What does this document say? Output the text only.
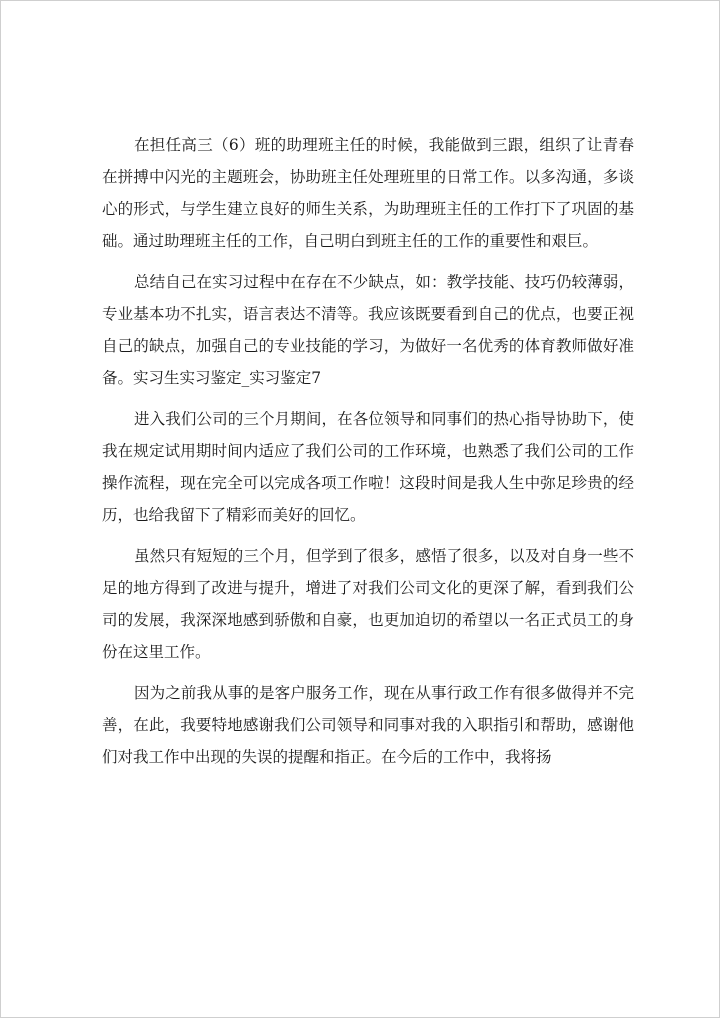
在担任高三（6）班的助理班主任的时候，我能做到三跟，组织了让青春在拼搏中闪光的主题班会，协助班主任处理班里的日常工作。以多沟通，多谈心的形式，与学生建立良好的师生关系，为助理班主任的工作打下了巩固的基础。通过助理班主任的工作，自己明白到班主任的工作的重要性和艰巨。

总结自己在实习过程中在存在不少缺点，如：教学技能、技巧仍较薄弱，专业基本功不扎实，语言表达不清等。我应该既要看到自己的优点，也要正视自己的缺点，加强自己的专业技能的学习，为做好一名优秀的体育教师做好准备。实习生实习鉴定_实习鉴定7

进入我们公司的三个月期间，在各位领导和同事们的热心指导协助下，使我在规定试用期时间内适应了我们公司的工作环境，也熟悉了我们公司的工作操作流程，现在完全可以完成各项工作啦！这段时间是我人生中弥足珍贵的经历，也给我留下了精彩而美好的回忆。

虽然只有短短的三个月，但学到了很多，感悟了很多，以及对自身一些不足的地方得到了改进与提升，增进了对我们公司文化的更深了解，看到我们公司的发展，我深深地感到骄傲和自豪，也更加迫切的希望以一名正式员工的身份在这里工作。

因为之前我从事的是客户服务工作，现在从事行政工作有很多做得并不完善，在此，我要特地感谢我们公司领导和同事对我的入职指引和帮助，感谢他们对我工作中出现的失误的提醒和指正。在今后的工作中，我将扬
